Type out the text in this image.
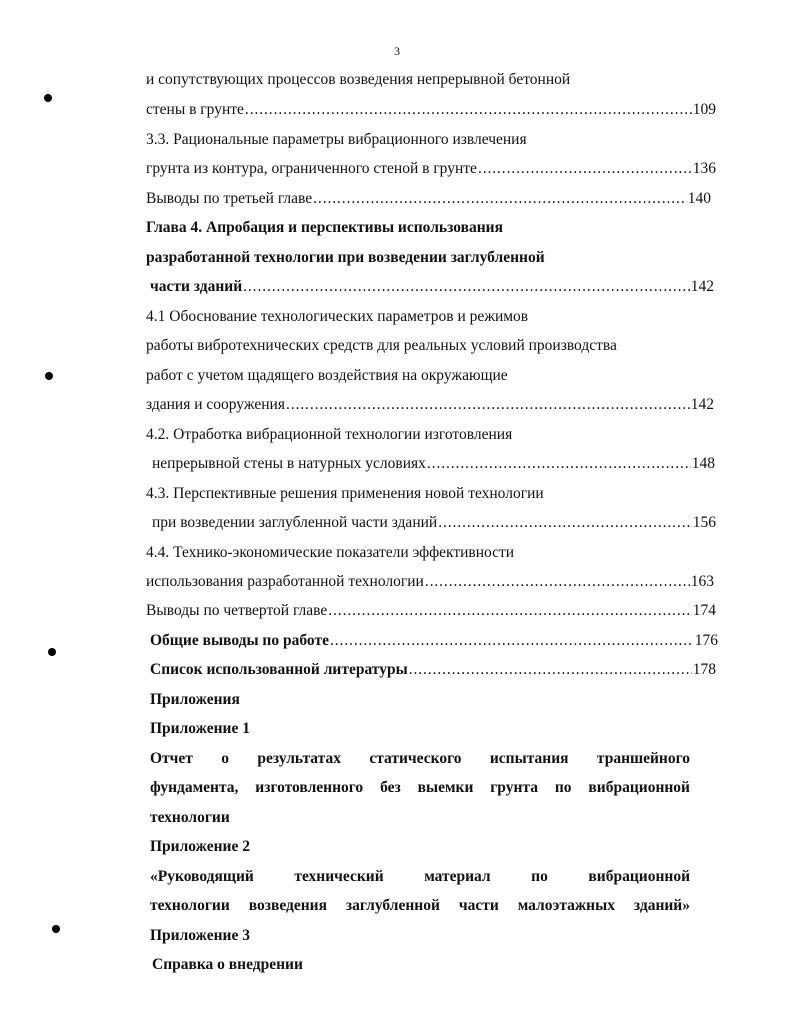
3
и сопутствующих процессов возведения непрерывной бетонной
стены в грунте .....	109
3.3. Рациональные параметры вибрационного извлечения
грунта из контура, ограниченного стеной в грунте .....	136
Выводы по третьей главе .....	140
Глава 4. Апробация и перспективы использования
разработанной технологии при возведении заглубленной
части зданий .....	142
4.1 Обоснование технологических параметров и режимов
работы вибротехнических средств для реальных условий производства
работ с учетом щадящего воздействия на окружающие
здания и сооружения .....	142
4.2. Отработка вибрационной технологии изготовления
непрерывной стены в натурных условиях .....	148
4.3. Перспективные решения применения новой технологии
при возведении заглубленной части зданий .....	156
4.4. Технико-экономические показатели эффективности
использования разработанной технологии .....	163
Выводы по четвертой главе .....	174
Общие выводы по работе .....	176
Список использованной литературы .....	178
Приложения
Приложение 1
Отчет о результатах статического испытания траншейного
фундамента, изготовленного без выемки грунта по вибрационной
технологии
Приложение 2
«Руководящий технический материал по вибрационной
технологии возведения заглубленной части малоэтажных зданий»
Приложение 3
Справка о внедрении
